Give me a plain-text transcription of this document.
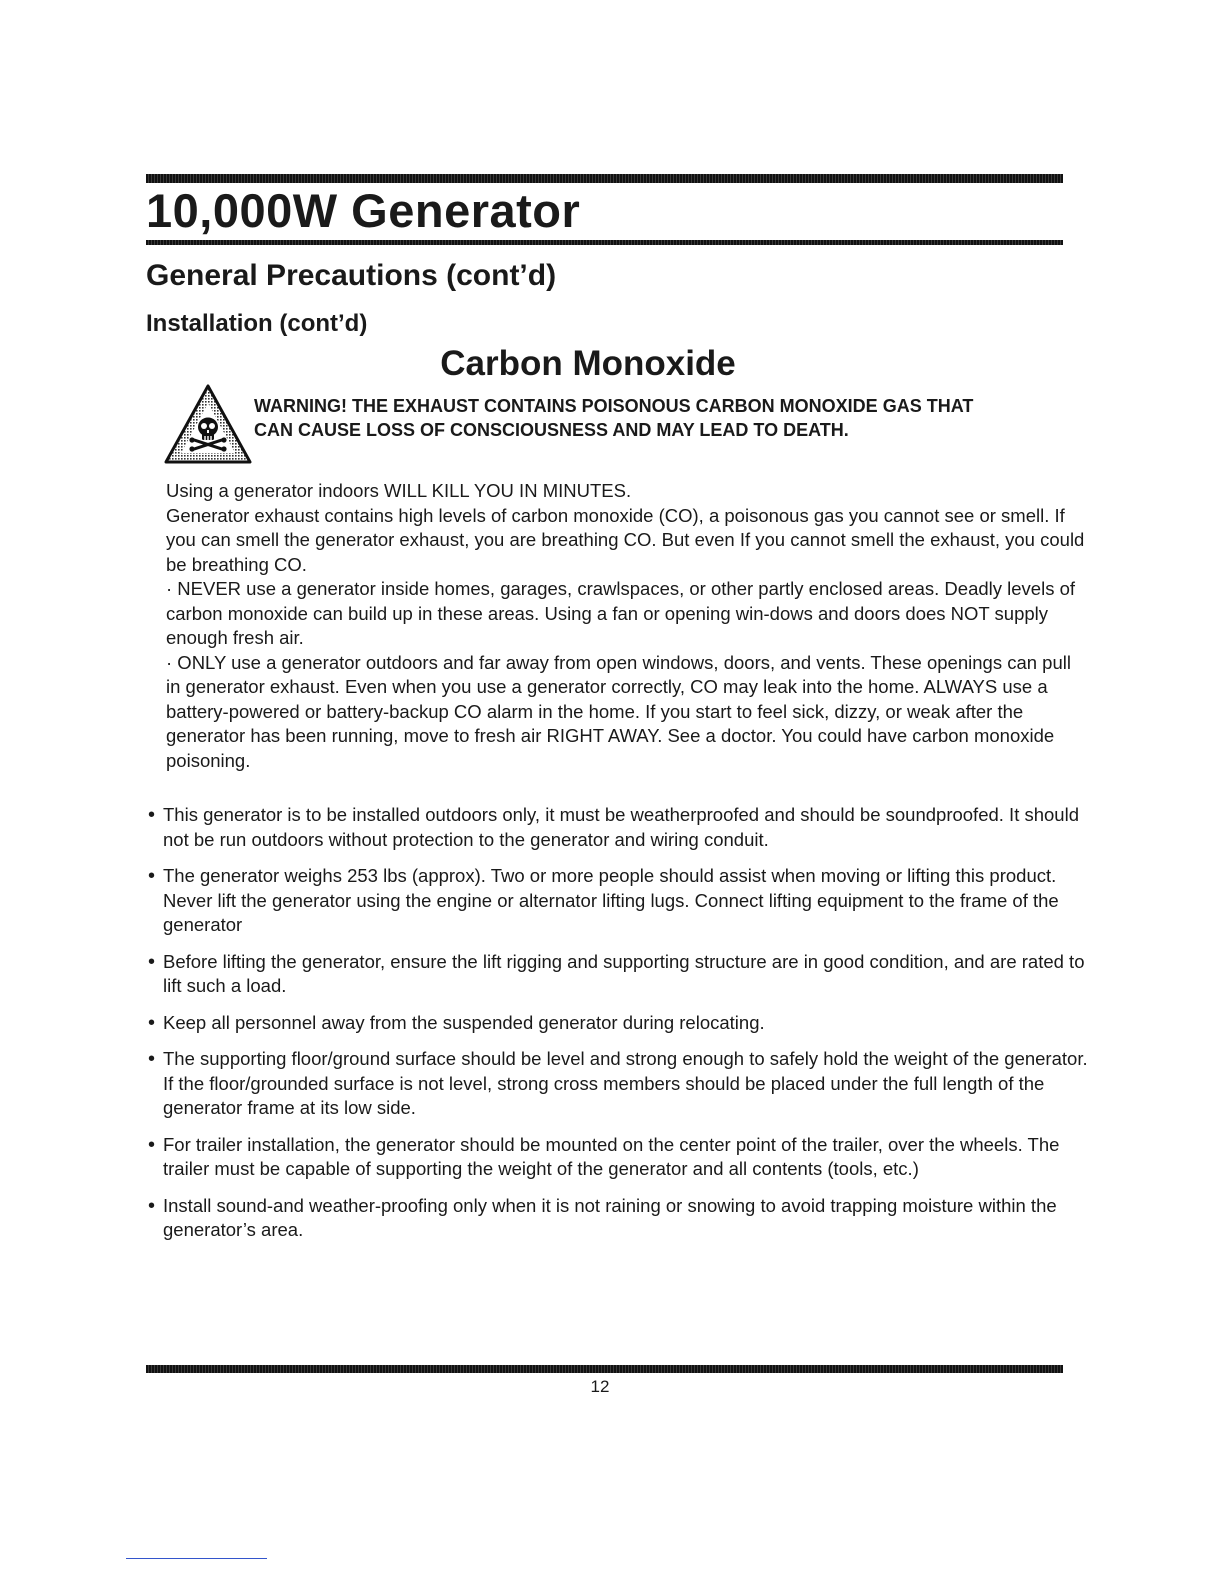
10,000W Generator
General Precautions (cont’d)
Installation (cont’d)
Carbon Monoxide

WARNING! THE EXHAUST CONTAINS POISONOUS CARBON MONOXIDE GAS THAT CAN CAUSE LOSS OF CONSCIOUSNESS AND MAY LEAD TO DEATH.

Using a generator indoors WILL KILL YOU IN MINUTES.

Generator exhaust contains high levels of carbon monoxide (CO), a poisonous gas you cannot see or smell. If you can smell the generator exhaust, you are breathing CO. But even If you cannot smell the exhaust, you could be breathing CO.

· NEVER use a generator inside homes, garages, crawlspaces, or other partly enclosed areas. Deadly levels of carbon monoxide can build up in these areas. Using a fan or opening win-dows and doors does NOT supply enough fresh air.

· ONLY use a generator outdoors and far away from open windows, doors, and vents. These openings can pull in generator exhaust. Even when you use a generator correctly, CO may leak into the home. ALWAYS use a battery-powered or battery-backup CO alarm in the home. If you start to feel sick, dizzy, or weak after the generator has been running, move to fresh air RIGHT AWAY. See a doctor. You could have carbon monoxide poisoning.

• This generator is to be installed outdoors only, it must be weatherproofed and should be soundproofed. It should not be run outdoors without protection to the generator and wiring conduit.
• The generator weighs 253 lbs (approx). Two or more people should assist when moving or lifting this product. Never lift the generator using the engine or alternator lifting lugs. Connect lifting equipment to the frame of the generator
• Before lifting the generator, ensure the lift rigging and supporting structure are in good condition, and are rated to lift such a load.
• Keep all personnel away from the suspended generator during relocating.
• The supporting floor/ground surface should be level and strong enough to safely hold the weight of the generator. If the floor/grounded surface is not level, strong cross members should be placed under the full length of the generator frame at its low side.
• For trailer installation, the generator should be mounted on the center point of the trailer, over the wheels. The trailer must be capable of supporting the weight of the generator and all contents (tools, etc.)
• Install sound-and weather-proofing only when it is not raining or snowing to avoid trapping moisture within the generator’s area.
12
